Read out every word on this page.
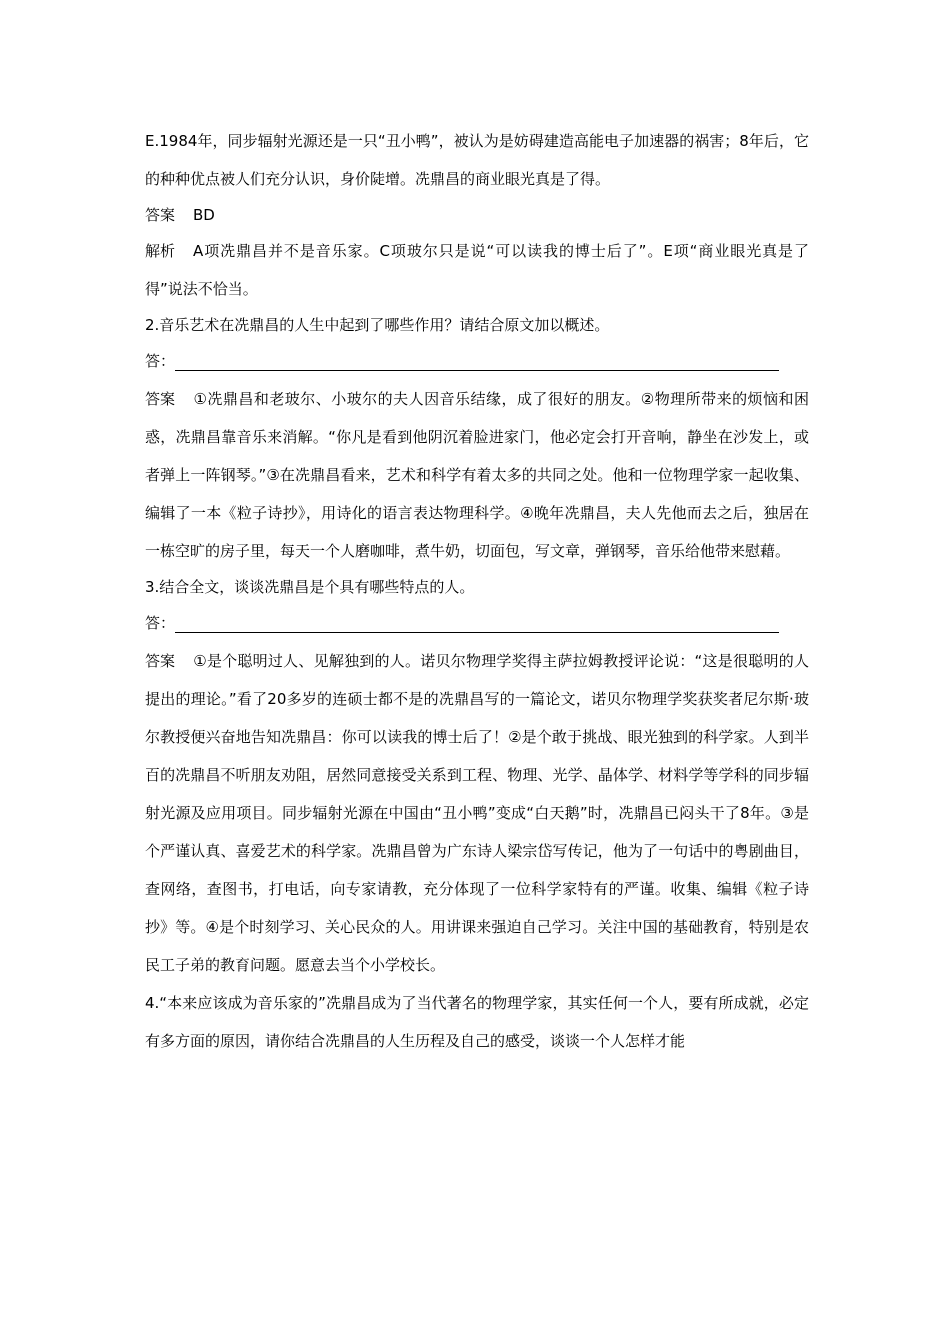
E.1984年，同步辐射光源还是一只“丑小鸭”，被认为是妨碍建造高能电子加速器的祸害；8年后，它的种种优点被人们充分认识，身价陡增。冼鼎昌的商业眼光真是了得。

答案 BD

解析 A项冼鼎昌并不是音乐家。C项玻尔只是说“可以读我的博士后了”。E项“商业眼光真是了得”说法不恰当。

2.音乐艺术在冼鼎昌的人生中起到了哪些作用？请结合原文加以概述。

答：

答案 ①冼鼎昌和老玻尔、小玻尔的夫人因音乐结缘，成了很好的朋友。②物理所带来的烦恼和困惑，冼鼎昌靠音乐来消解。“你凡是看到他阴沉着脸进家门，他必定会打开音响，静坐在沙发上，或者弹上一阵钢琴。”③在冼鼎昌看来，艺术和科学有着太多的共同之处。他和一位物理学家一起收集、编辑了一本《粒子诗抄》，用诗化的语言表达物理科学。④晚年冼鼎昌，夫人先他而去之后，独居在一栋空旷的房子里，每天一个人磨咖啡，煮牛奶，切面包，写文章，弹钢琴，音乐给他带来慰藉。

3.结合全文，谈谈冼鼎昌是个具有哪些特点的人。

答：

答案 ①是个聪明过人、见解独到的人。诺贝尔物理学奖得主萨拉姆教授评论说：“这是很聪明的人提出的理论。”看了20多岁的连硕士都不是的冼鼎昌写的一篇论文，诺贝尔物理学奖获奖者尼尔斯·玻尔教授便兴奋地告知冼鼎昌：你可以读我的博士后了！②是个敢于挑战、眼光独到的科学家。人到半百的冼鼎昌不听朋友劝阻，居然同意接受关系到工程、物理、光学、晶体学、材料学等学科的同步辐射光源及应用项目。同步辐射光源在中国由“丑小鸭”变成“白天鹅”时，冼鼎昌已闷头干了8年。③是个严谨认真、喜爱艺术的科学家。冼鼎昌曾为广东诗人梁宗岱写传记，他为了一句话中的粤剧曲目，查网络，查图书，打电话，向专家请教，充分体现了一位科学家特有的严谨。收集、编辑《粒子诗抄》等。④是个时刻学习、关心民众的人。用讲课来强迫自己学习。关注中国的基础教育，特别是农民工子弟的教育问题。愿意去当个小学校长。

4.“本来应该成为音乐家的”冼鼎昌成为了当代著名的物理学家，其实任何一个人，要有所成就，必定有多方面的原因，请你结合冼鼎昌的人生历程及自己的感受，谈谈一个人怎样才能
